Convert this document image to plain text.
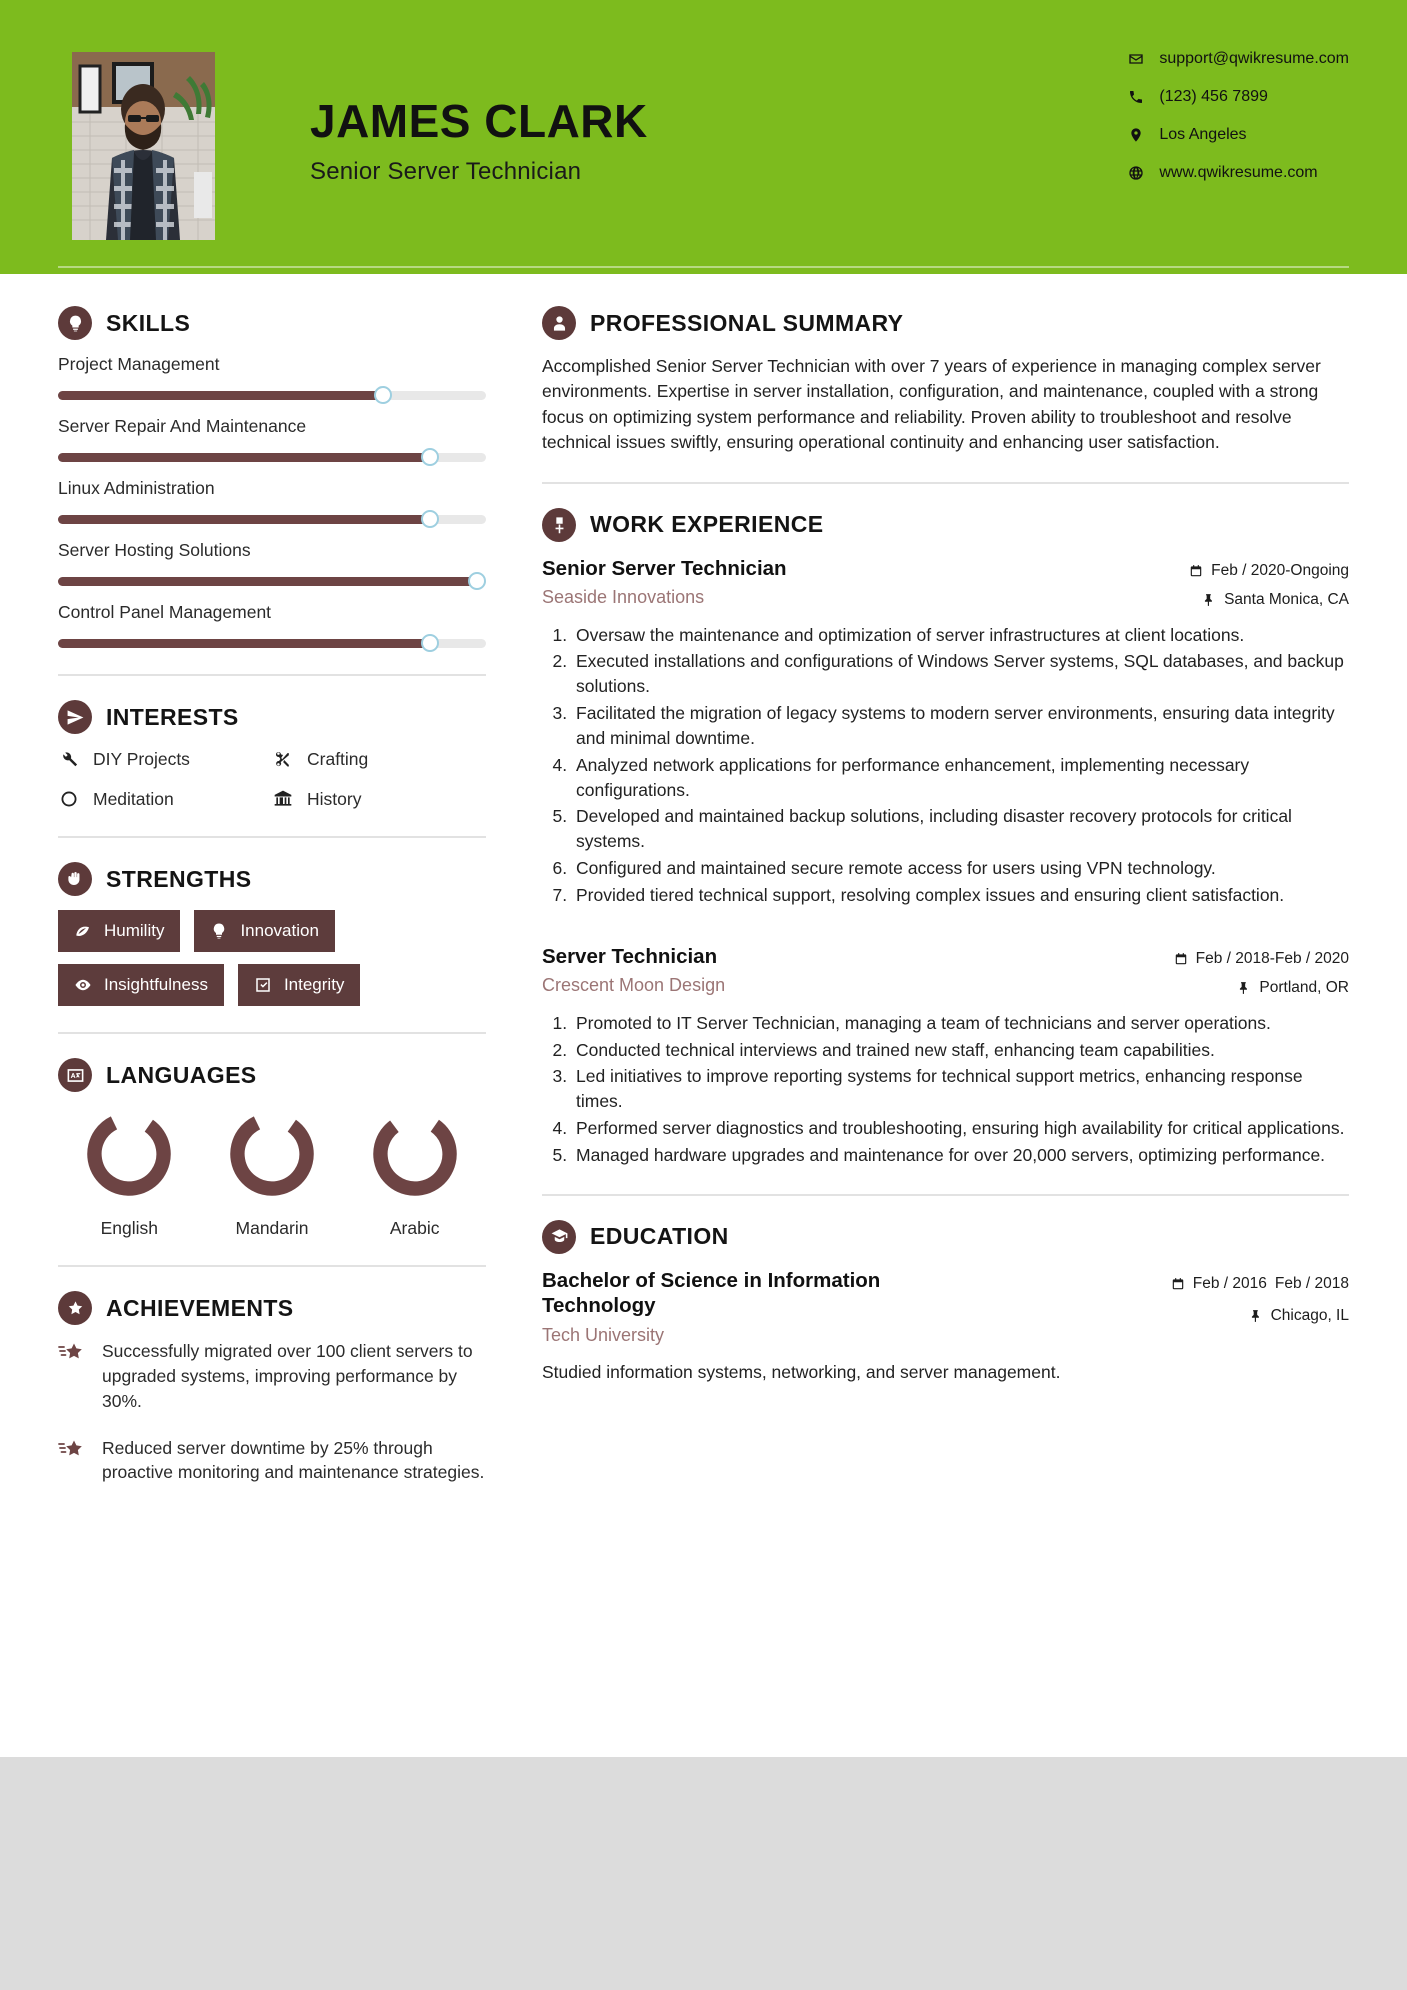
JAMES CLARK
Senior Server Technician
support@qwikresume.com
(123) 456 7899
Los Angeles
www.qwikresume.com
SKILLS
Project Management
Server Repair And Maintenance
Linux Administration
Server Hosting Solutions
Control Panel Management
INTERESTS
DIY Projects	Crafting
Meditation	History
STRENGTHS
Humility	Innovation
Insightfulness	Integrity
LANGUAGES
English	Mandarin	Arabic
ACHIEVEMENTS
Successfully migrated over 100 client servers to upgraded systems, improving performance by 30%.
Reduced server downtime by 25% through proactive monitoring and maintenance strategies.
PROFESSIONAL SUMMARY
Accomplished Senior Server Technician with over 7 years of experience in managing complex server environments. Expertise in server installation, configuration, and maintenance, coupled with a strong focus on optimizing system performance and reliability. Proven ability to troubleshoot and resolve technical issues swiftly, ensuring operational continuity and enhancing user satisfaction.
WORK EXPERIENCE
Senior Server Technician
Seaside Innovations
Feb / 2020-Ongoing
Santa Monica, CA
1. Oversaw the maintenance and optimization of server infrastructures at client locations.
2. Executed installations and configurations of Windows Server systems, SQL databases, and backup solutions.
3. Facilitated the migration of legacy systems to modern server environments, ensuring data integrity and minimal downtime.
4. Analyzed network applications for performance enhancement, implementing necessary configurations.
5. Developed and maintained backup solutions, including disaster recovery protocols for critical systems.
6. Configured and maintained secure remote access for users using VPN technology.
7. Provided tiered technical support, resolving complex issues and ensuring client satisfaction.
Server Technician
Crescent Moon Design
Feb / 2018-Feb / 2020
Portland, OR
1. Promoted to IT Server Technician, managing a team of technicians and server operations.
2. Conducted technical interviews and trained new staff, enhancing team capabilities.
3. Led initiatives to improve reporting systems for technical support metrics, enhancing response times.
4. Performed server diagnostics and troubleshooting, ensuring high availability for critical applications.
5. Managed hardware upgrades and maintenance for over 20,000 servers, optimizing performance.
EDUCATION
Bachelor of Science in Information Technology
Tech University
Feb / 2016 Feb / 2018
Chicago, IL
Studied information systems, networking, and server management.
